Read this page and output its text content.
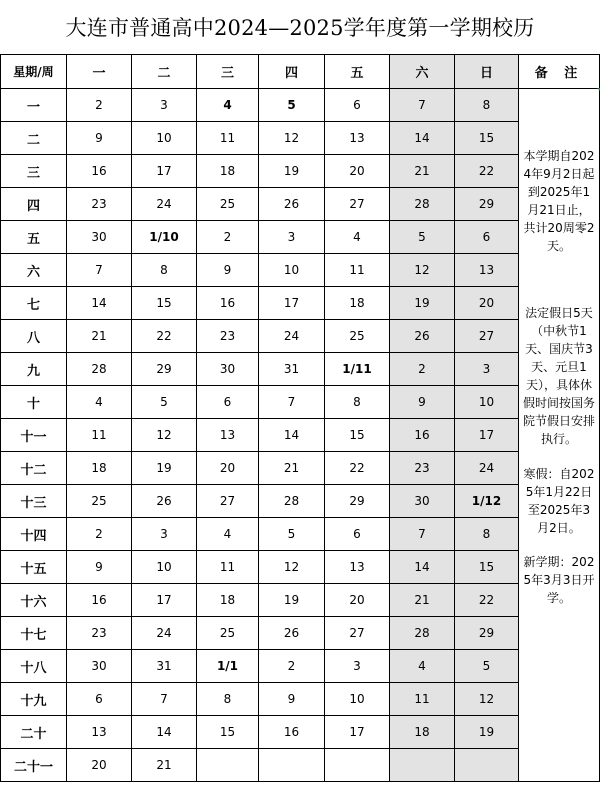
大连市普通高中2024—2025学年度第一学期校历
星期/周	一	二	三	四	五	六	日	备 注

一	2	3	4	5	6	7	8	本学期自2024年9月2日起到2025年1月21日止，共计20周零2天。
法定假日5天（中秋节1天、国庆节3天、元旦1天），具体休假时间按国务院节假日安排执行。
寒假：自2025年1月22日至2025年3月2日。
新学期：2025年3月3日开学。

二	9	10	11	12	13	14	15	
三	16	17	18	19	20	21	22	
四	23	24	25	26	27	28	29	
五	30	1/10	2	3	4	5	6	
六	7	8	9	10	11	12	13	
七	14	15	16	17	18	19	20	
八	21	22	23	24	25	26	27	
九	28	29	30	31	1/11	2	3	
十	4	5	6	7	8	9	10	
十一	11	12	13	14	15	16	17	
十二	18	19	20	21	22	23	24	
十三	25	26	27	28	29	30	1/12	
十四	2	3	4	5	6	7	8	
十五	9	10	11	12	13	14	15	
十六	16	17	18	19	20	21	22	
十七	23	24	25	26	27	28	29	
十八	30	31	1/1	2	3	4	5	
十九	6	7	8	9	10	11	12	
二十	13	14	15	16	17	18	19	
二十一	20	21						
